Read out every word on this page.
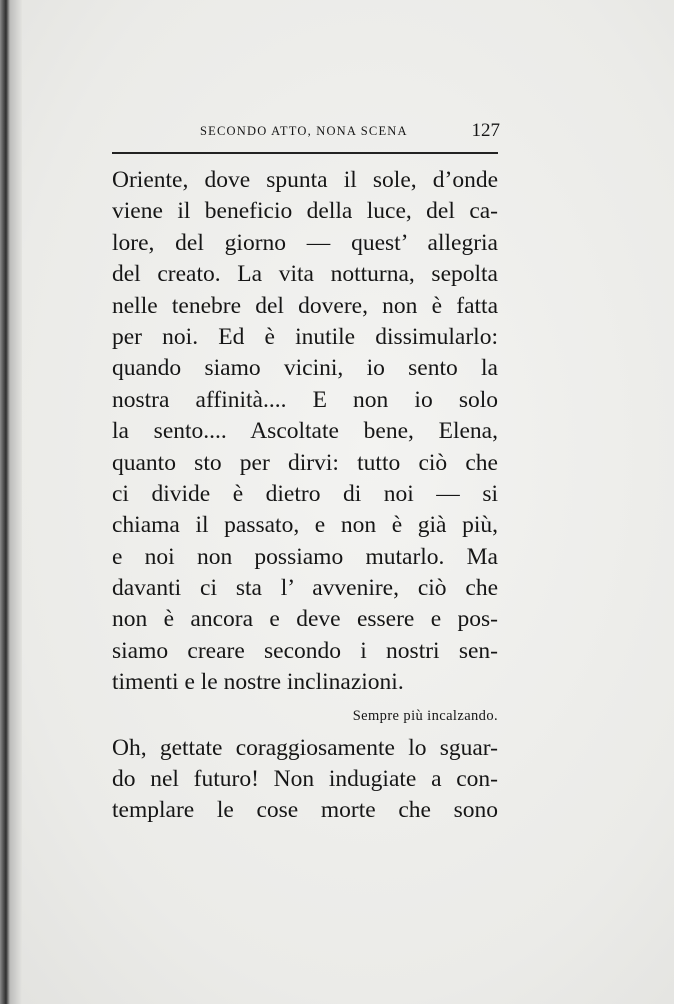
SECONDO ATTO, NONA SCENA	127
Oriente, dove spunta il sole, d’onde
viene il beneficio della luce, del ca-
lore, del giorno — quest’ allegria
del creato. La vita notturna, sepolta
nelle tenebre del dovere, non è fatta
per noi. Ed è inutile dissimularlo:
quando siamo vicini, io sento la
nostra affinità.... E non io solo
la sento.... Ascoltate bene, Elena,
quanto sto per dirvi: tutto ciò che
ci divide è dietro di noi — si
chiama il passato, e non è già più,
e noi non possiamo mutarlo. Ma
davanti ci sta l’ avvenire, ciò che
non è ancora e deve essere e pos-
siamo creare secondo i nostri sen-
timenti e le nostre inclinazioni.
Sempre più incalzando.
Oh, gettate coraggiosamente lo sguar-
do nel futuro! Non indugiate a con-
templare le cose morte che sono
